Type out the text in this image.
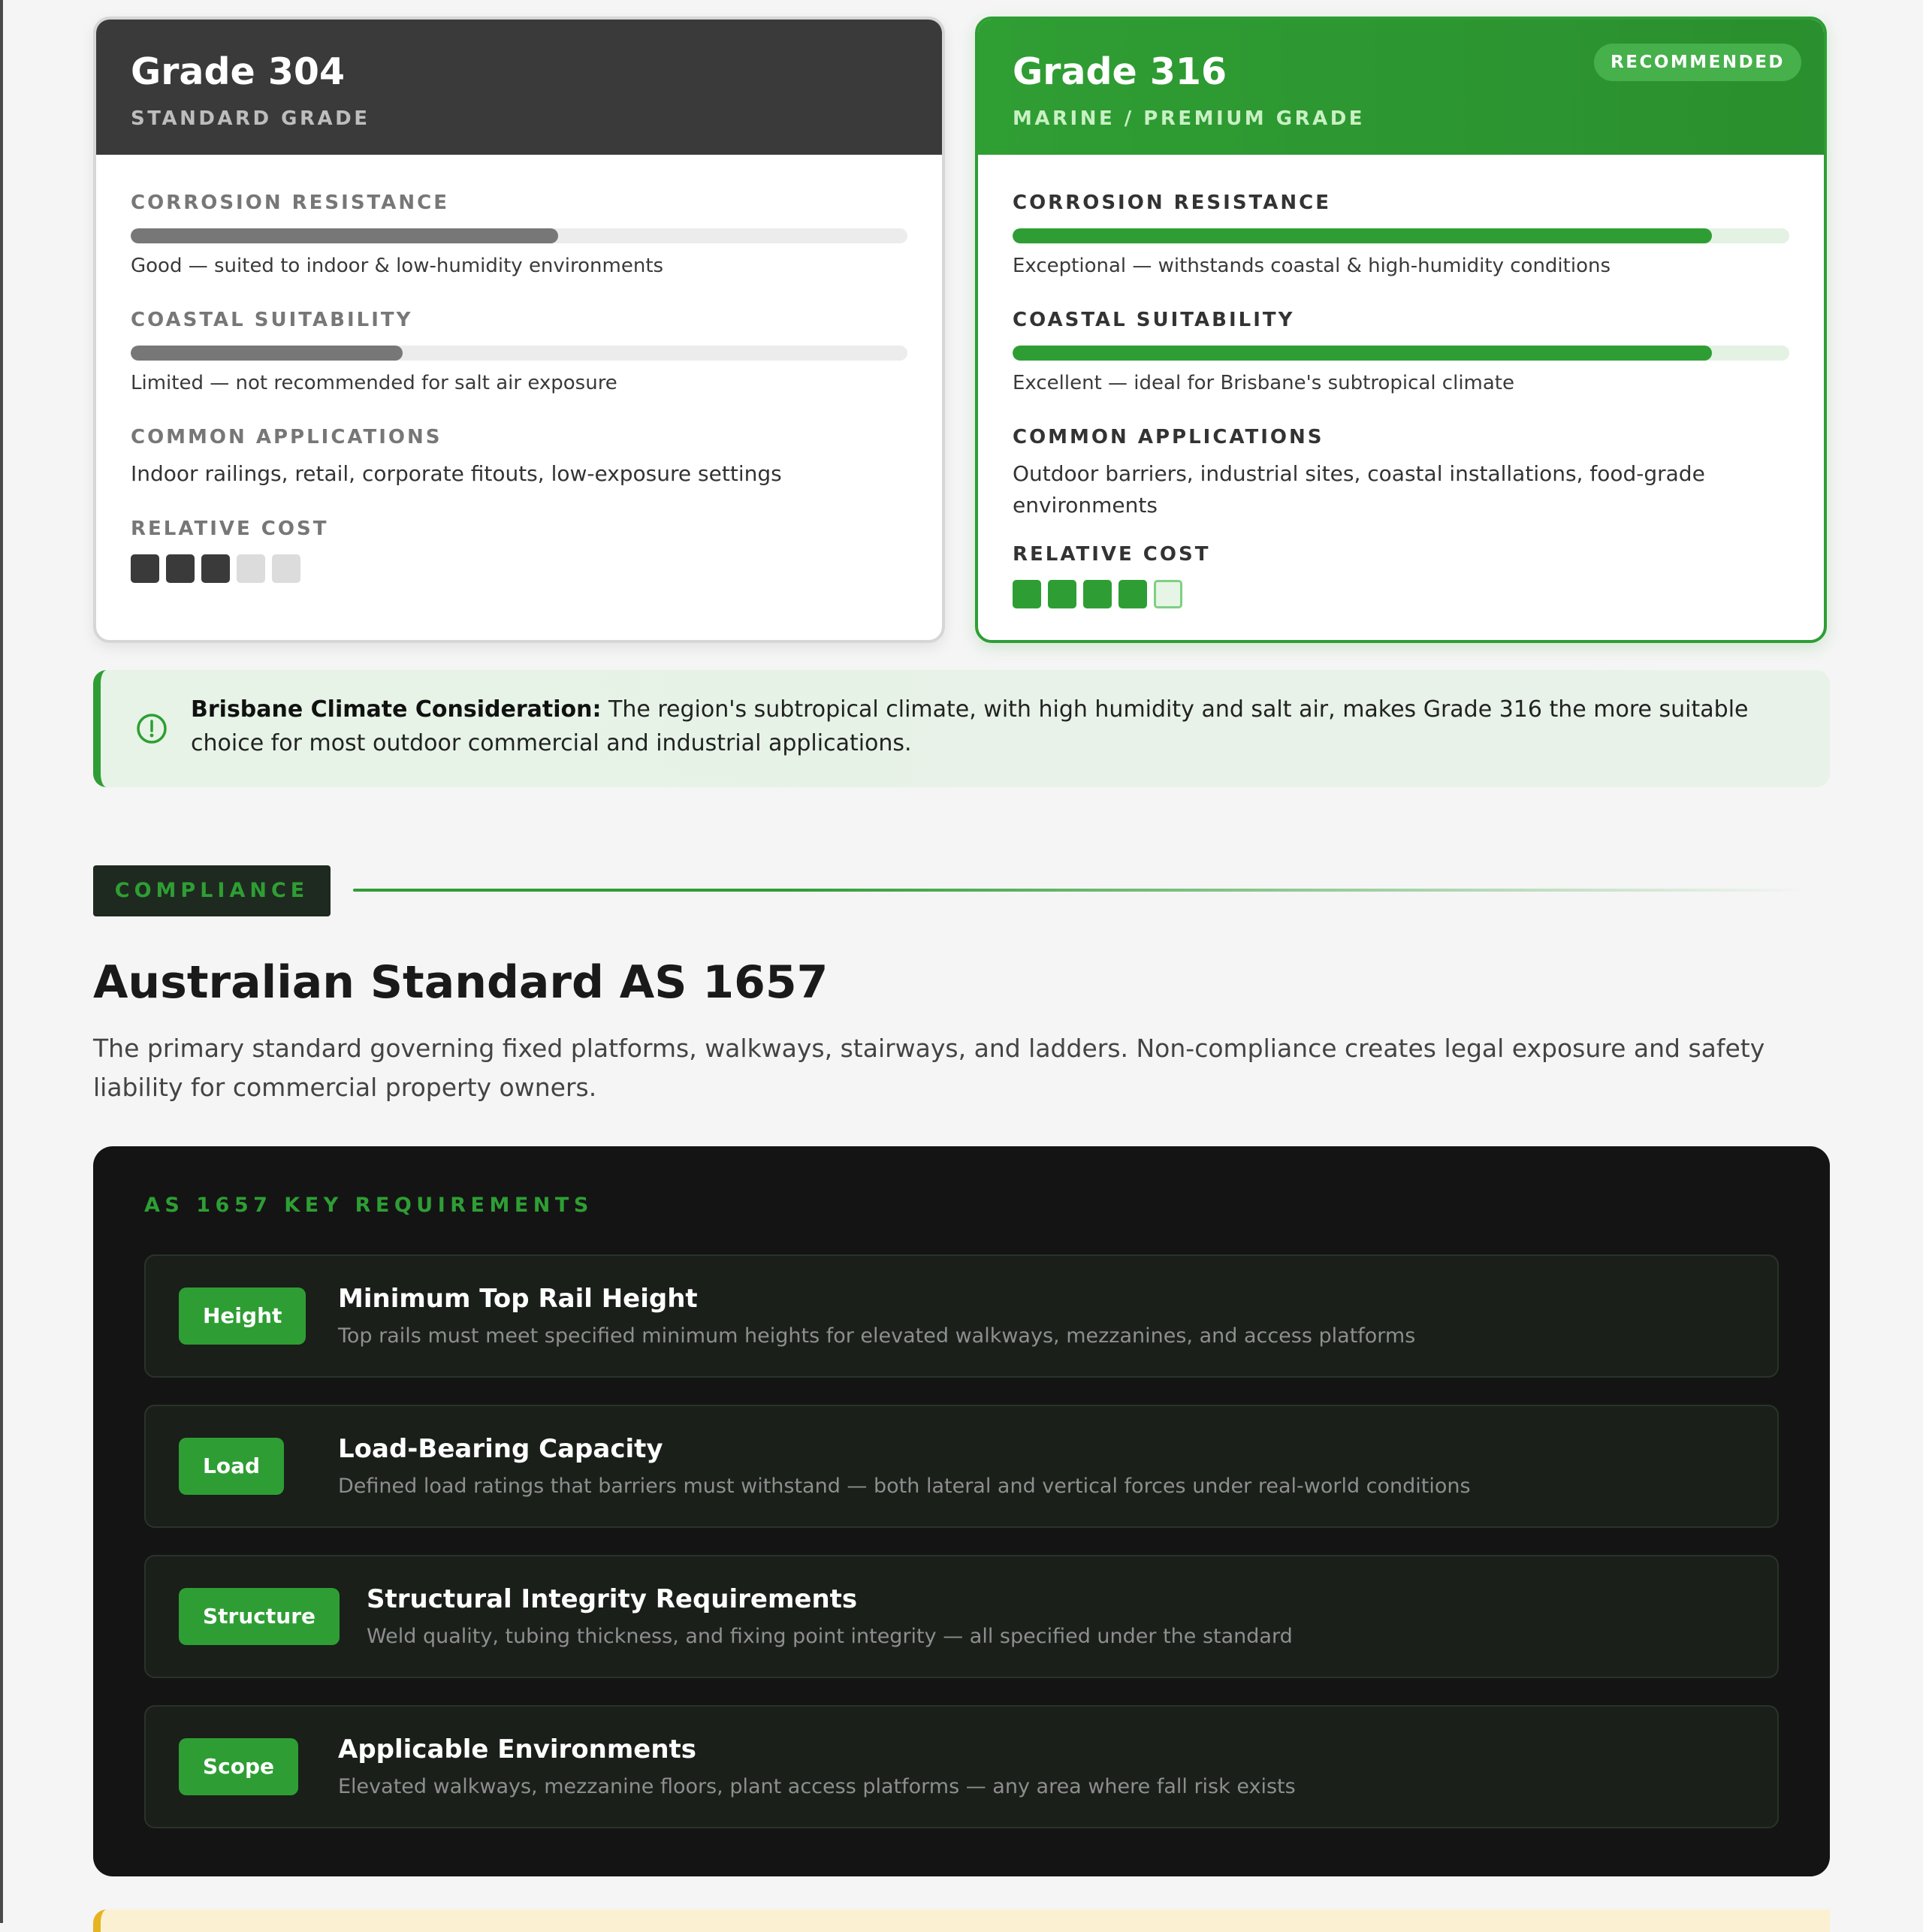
Grade 304
STANDARD GRADE
CORROSION RESISTANCE
Good — suited to indoor & low-humidity environments
COASTAL SUITABILITY
Limited — not recommended for salt air exposure
COMMON APPLICATIONS
Indoor railings, retail, corporate fitouts, low-exposure settings
RELATIVE COST
Grade 316
MARINE / PREMIUM GRADE
RECOMMENDED
CORROSION RESISTANCE
Exceptional — withstands coastal & high-humidity conditions
COASTAL SUITABILITY
Excellent — ideal for Brisbane's subtropical climate
COMMON APPLICATIONS
Outdoor barriers, industrial sites, coastal installations, food-grade environments
RELATIVE COST
Brisbane Climate Consideration: The region's subtropical climate, with high humidity and salt air, makes Grade 316 the more suitable choice for most outdoor commercial and industrial applications.
COMPLIANCE
Australian Standard AS 1657
The primary standard governing fixed platforms, walkways, stairways, and ladders. Non-compliance creates legal exposure and safety liability for commercial property owners.
AS 1657 KEY REQUIREMENTS
Height
Minimum Top Rail Height
Top rails must meet specified minimum heights for elevated walkways, mezzanines, and access platforms
Load
Load-Bearing Capacity
Defined load ratings that barriers must withstand — both lateral and vertical forces under real-world conditions
Structure
Structural Integrity Requirements
Weld quality, tubing thickness, and fixing point integrity — all specified under the standard
Scope
Applicable Environments
Elevated walkways, mezzanine floors, plant access platforms — any area where fall risk exists
